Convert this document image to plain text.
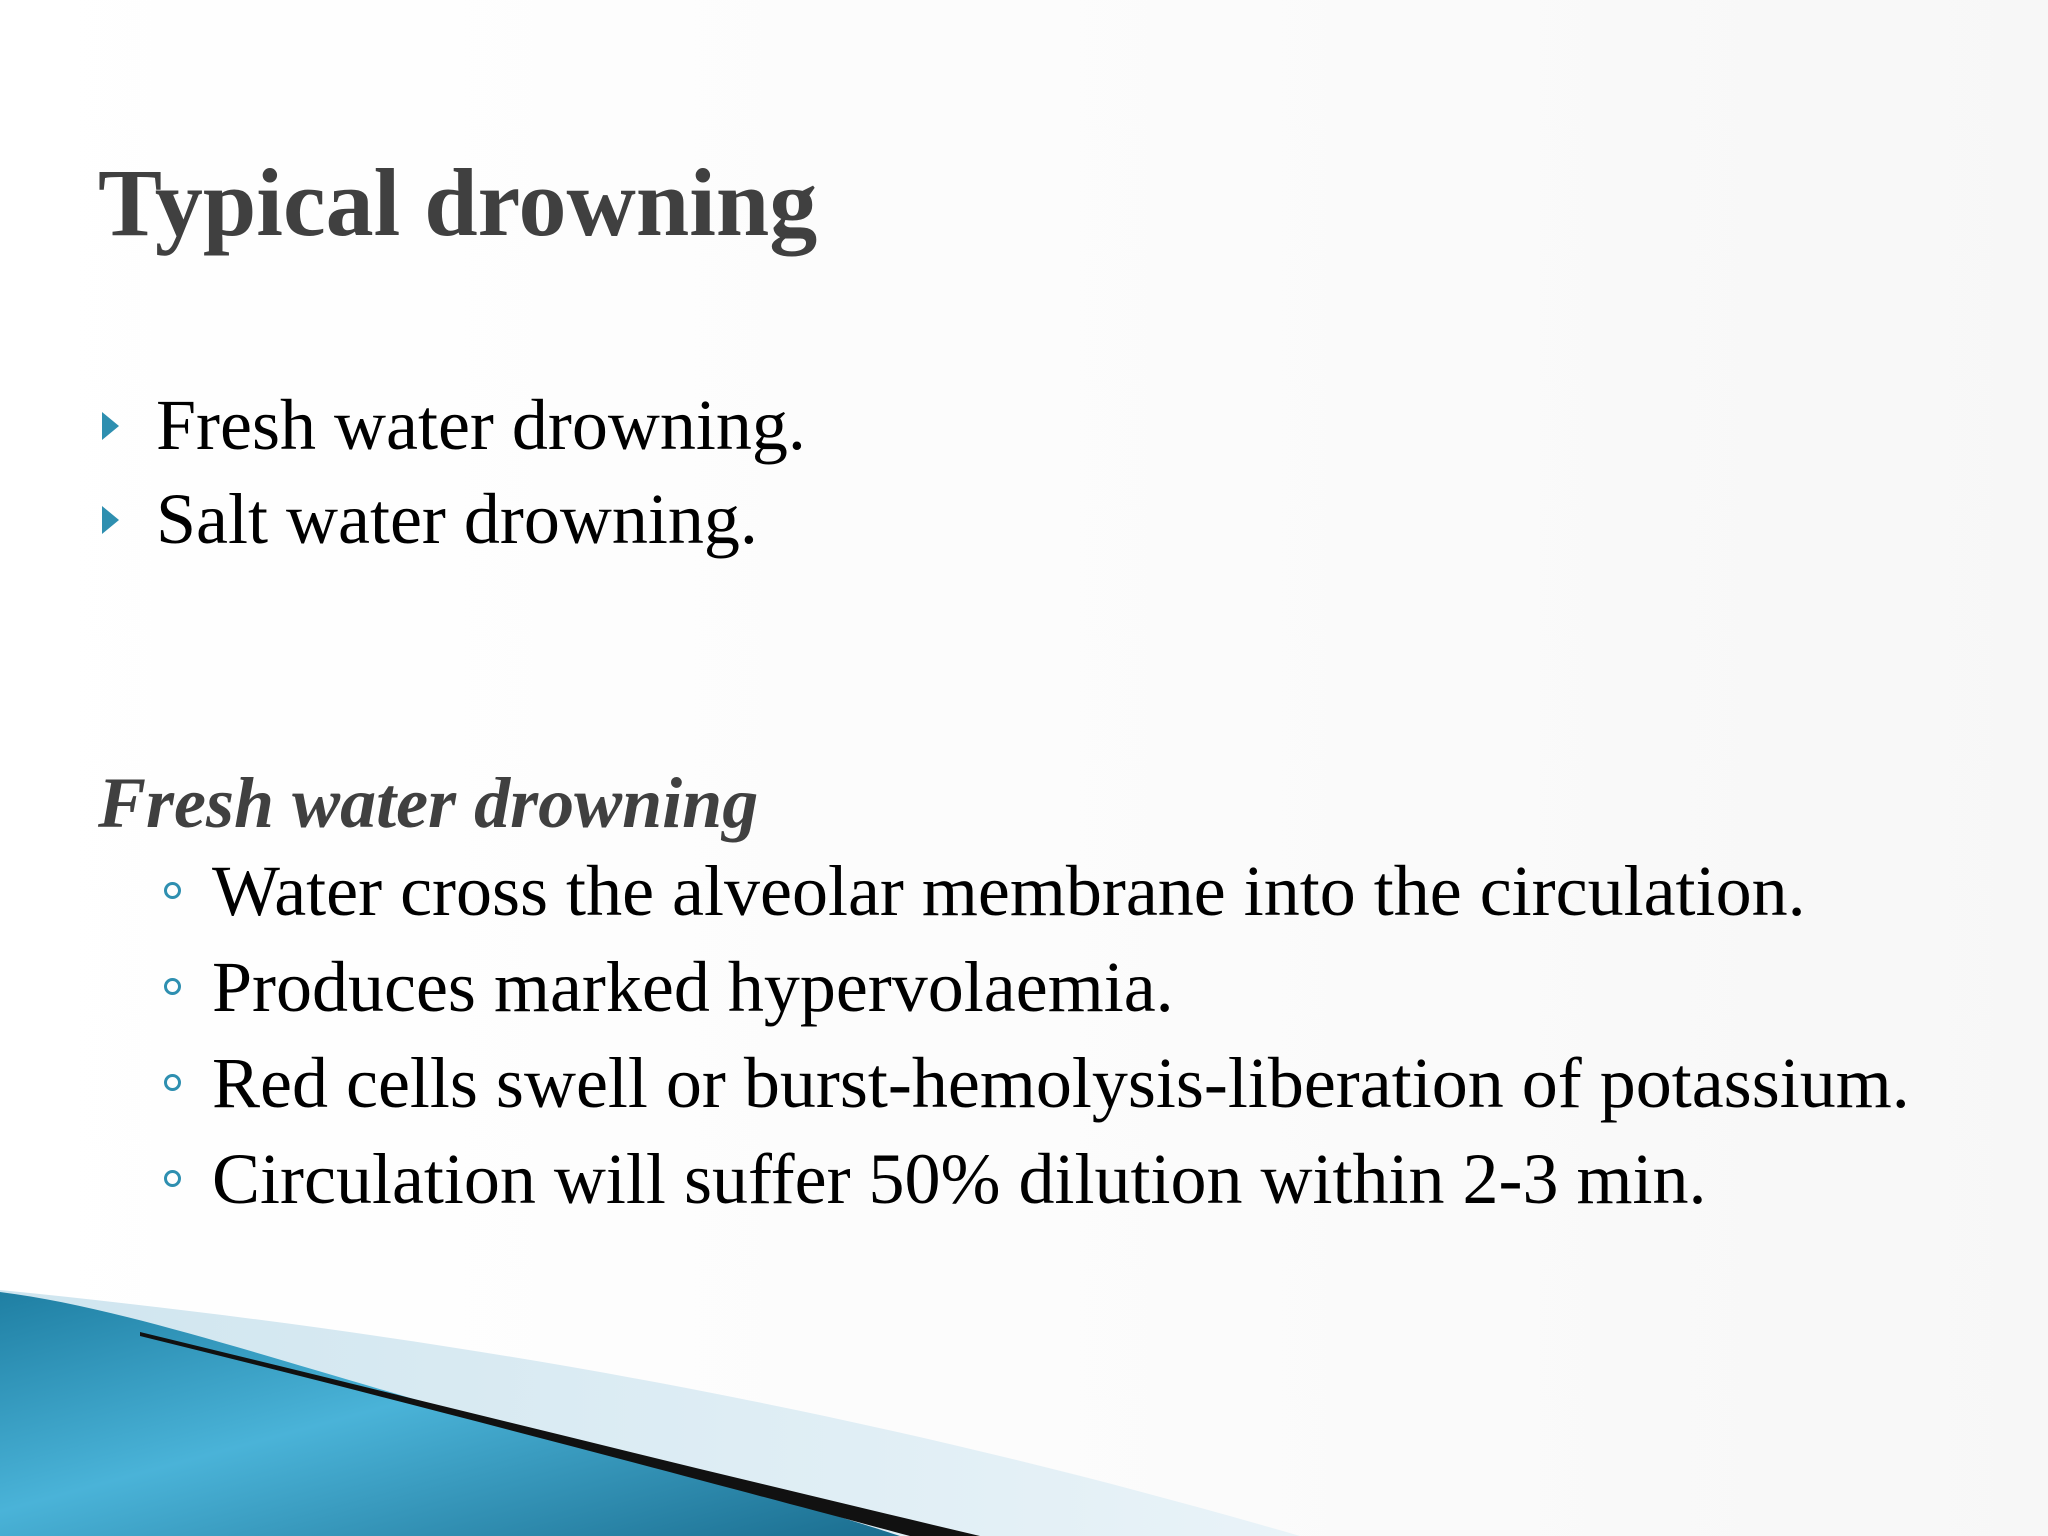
Typical drowning
Fresh water drowning.
Salt water drowning.
Fresh water drowning
Water cross the alveolar membrane into the circulation.
Produces marked hypervolaemia.
Red cells swell or burst-hemolysis-liberation of potassium.
Circulation will suffer 50% dilution within 2-3 min.
